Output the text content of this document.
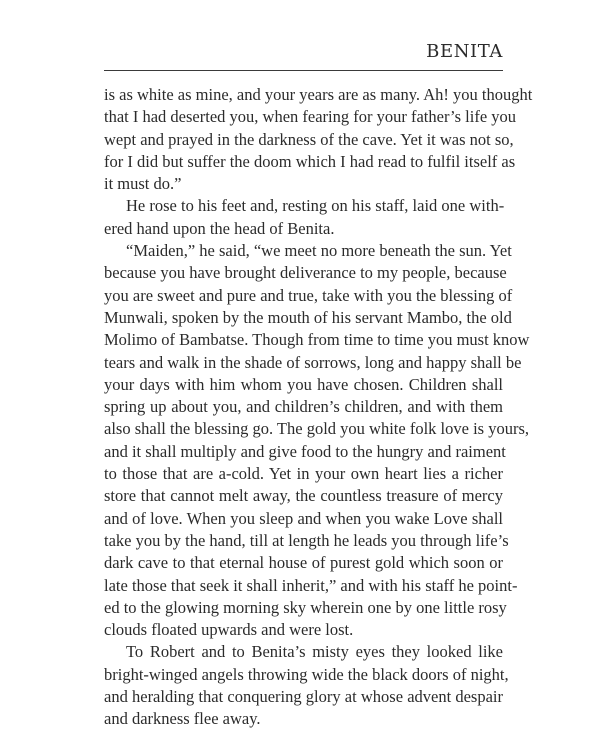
BENITA

is as white as mine, and your years are as many. Ah! you thought
that I had deserted you, when fearing for your father’s life you
wept and prayed in the darkness of the cave. Yet it was not so,
for I did but suffer the doom which I had read to fulfil itself as
it must do.”

He rose to his feet and, resting on his staff, laid one with-
ered hand upon the head of Benita.

“Maiden,” he said, “we meet no more beneath the sun. Yet
because you have brought deliverance to my people, because
you are sweet and pure and true, take with you the blessing of
Munwali, spoken by the mouth of his servant Mambo, the old
Molimo of Bambatse. Though from time to time you must know
tears and walk in the shade of sorrows, long and happy shall be
your days with him whom you have chosen. Children shall
spring up about you, and children’s children, and with them
also shall the blessing go. The gold you white folk love is yours,
and it shall multiply and give food to the hungry and raiment
to those that are a-cold. Yet in your own heart lies a richer
store that cannot melt away, the countless treasure of mercy
and of love. When you sleep and when you wake Love shall
take you by the hand, till at length he leads you through life’s
dark cave to that eternal house of purest gold which soon or
late those that seek it shall inherit,” and with his staff he point-
ed to the glowing morning sky wherein one by one little rosy
clouds floated upwards and were lost.

To Robert and to Benita’s misty eyes they looked like
bright-winged angels throwing wide the black doors of night,
and heralding that conquering glory at whose advent despair
and darkness flee away.
